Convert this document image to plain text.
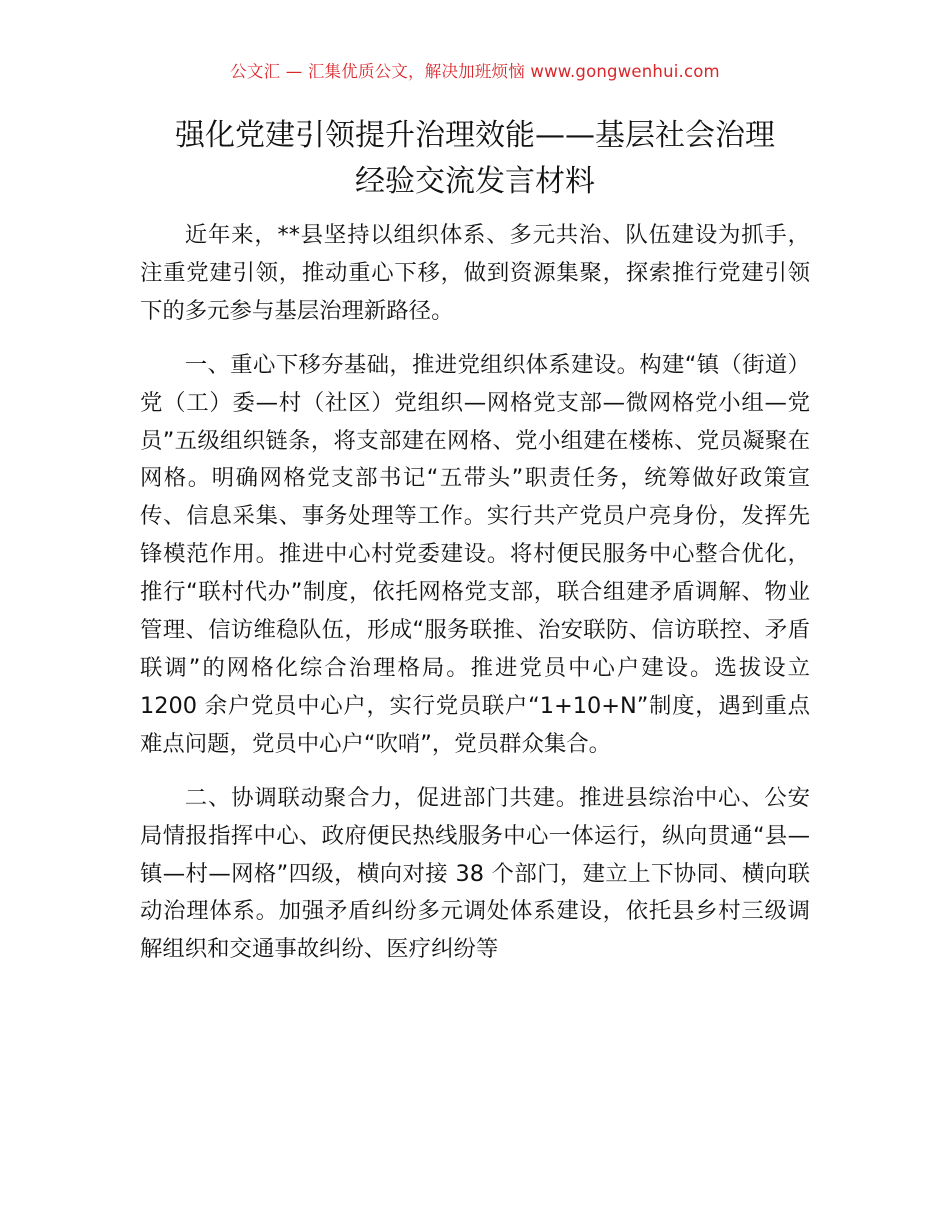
公文汇 — 汇集优质公文，解决加班烦恼 www.gongwenhui.com
强化党建引领提升治理效能——基层社会治理
经验交流发言材料

近年来，**县坚持以组织体系、多元共治、队伍建设为抓手，注重党建引领，推动重心下移，做到资源集聚，探索推行党建引领下的多元参与基层治理新路径。

一、重心下移夯基础，推进党组织体系建设。构建“镇（街道）党（工）委—村（社区）党组织—网格党支部—微网格党小组—党员”五级组织链条，将支部建在网格、党小组建在楼栋、党员凝聚在网格。明确网格党支部书记“五带头”职责任务，统筹做好政策宣传、信息采集、事务处理等工作。实行共产党员户亮身份，发挥先锋模范作用。推进中心村党委建设。将村便民服务中心整合优化，推行“联村代办”制度，依托网格党支部，联合组建矛盾调解、物业管理、信访维稳队伍，形成“服务联推、治安联防、信访联控、矛盾联调”的网格化综合治理格局。推进党员中心户建设。选拔设立 1200 余户党员中心户，实行党员联户“1+10+N”制度，遇到重点难点问题，党员中心户“吹哨”，党员群众集合。

二、协调联动聚合力，促进部门共建。推进县综治中心、公安局情报指挥中心、政府便民热线服务中心一体运行，纵向贯通“县—镇—村—网格”四级，横向对接 38 个部门，建立上下协同、横向联动治理体系。加强矛盾纠纷多元调处体系建设，依托县乡村三级调解组织和交通事故纠纷、医疗纠纷等
